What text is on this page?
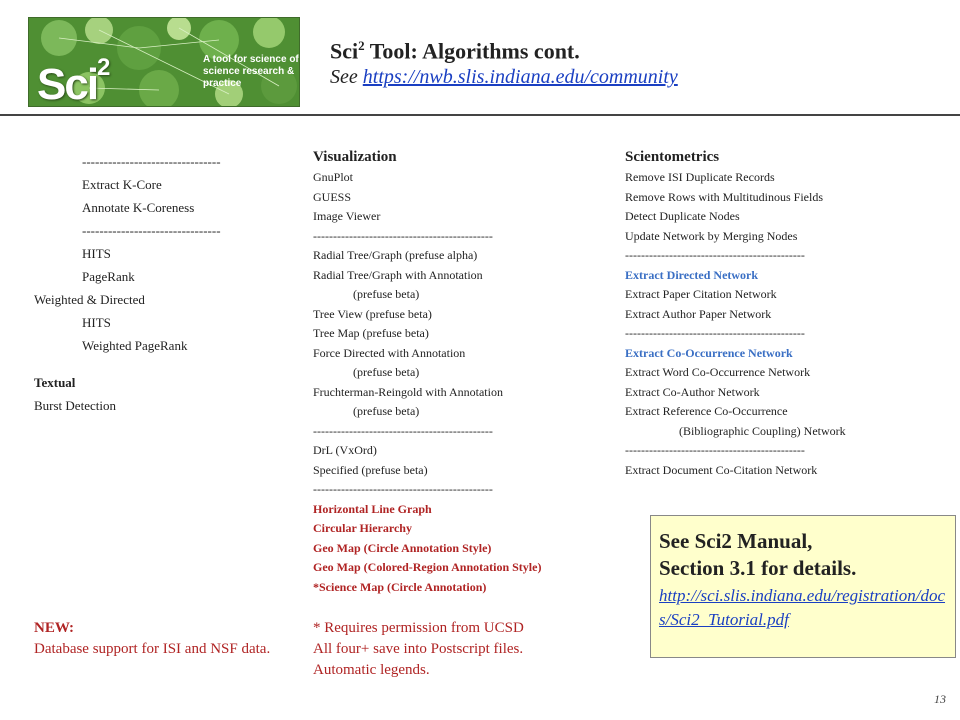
Sci$^2$	A tool for science of science research & practice
Sci$^2$ Tool: Algorithms cont.
See https://nwb.slis.indiana.edu/community
--------------------------------
Extract K-Core
Annotate K-Coreness
--------------------------------
HITS
PageRank
Weighted & Directed
HITS
Weighted PageRank
Textual
Burst Detection
Visualization
GnuPlot
GUESS
Image Viewer
---------------------------------------------
Radial Tree/Graph (prefuse alpha)
Radial Tree/Graph with Annotation
(prefuse beta)
Tree View (prefuse beta)
Tree Map (prefuse beta)
Force Directed with Annotation
(prefuse beta)
Fruchterman-Reingold with Annotation
(prefuse beta)
---------------------------------------------
DrL (VxOrd)
Specified (prefuse beta)
---------------------------------------------
Horizontal Line Graph
Circular Hierarchy
Geo Map (Circle Annotation Style)
Geo Map (Colored-Region Annotation Style)
*Science Map (Circle Annotation)
Scientometrics
Remove ISI Duplicate Records
Remove Rows with Multitudinous Fields
Detect Duplicate Nodes
Update Network by Merging Nodes
---------------------------------------------
Extract Directed Network
Extract Paper Citation Network
Extract Author Paper Network
---------------------------------------------
Extract Co-Occurrence Network
Extract Word Co-Occurrence Network
Extract Co-Author Network
Extract Reference Co-Occurrence
(Bibliographic Coupling) Network
---------------------------------------------
Extract Document Co-Citation Network
NEW:
Database support for ISI and NSF data.
* Requires permission from UCSD
All four+ save into Postscript files.
Automatic legends.
See Sci2 Manual,
Section 3.1 for details.
http://sci.slis.indiana.edu/registration/docs/Sci2_Tutorial.pdf
13
